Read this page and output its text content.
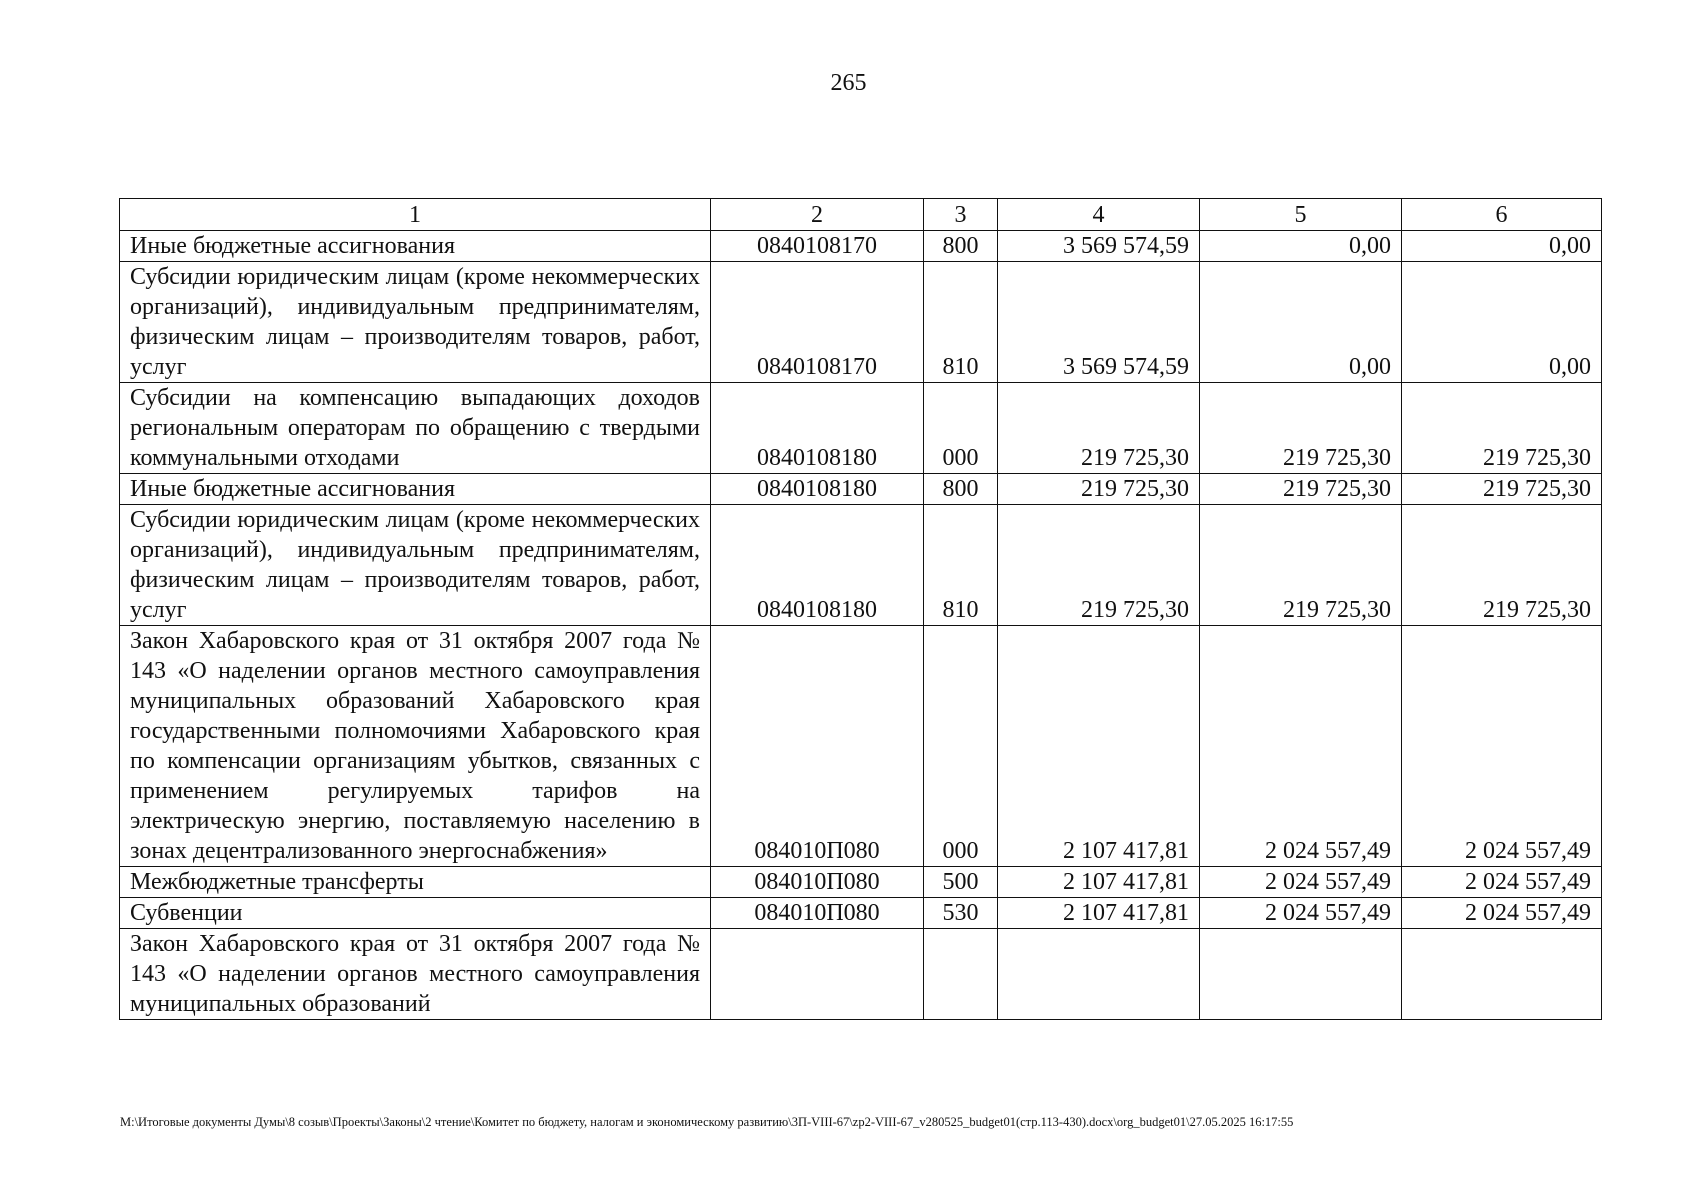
265
1	2	3	4	5	6
Иные бюджетные ассигнования	0840108170	800	3 569 574,59	0,00	0,00
Субсидии юридическим лицам (кроме некоммерческих организаций), индивидуальным предпринимателям, физическим лицам – производителям товаров, работ, услуг	0840108170	810	3 569 574,59	0,00	0,00
Субсидии на компенсацию выпадающих доходов региональным операторам по обращению с твердыми коммунальными отходами	0840108180	000	219 725,30	219 725,30	219 725,30
Иные бюджетные ассигнования	0840108180	800	219 725,30	219 725,30	219 725,30
Субсидии юридическим лицам (кроме некоммерческих организаций), индивидуальным предпринимателям, физическим лицам – производителям товаров, работ, услуг	0840108180	810	219 725,30	219 725,30	219 725,30
Закон Хабаровского края от 31 октября 2007 года № 143 «О наделении органов местного самоуправления муниципальных образований Хабаровского края государственными полномочиями Хабаровского края по компенсации организациям убытков, связанных с применением регулируемых тарифов на электрическую энергию, поставляемую населению в зонах децентрализованного энергоснабжения»	084010П080	000	2 107 417,81	2 024 557,49	2 024 557,49
Межбюджетные трансферты	084010П080	500	2 107 417,81	2 024 557,49	2 024 557,49
Субвенции	084010П080	530	2 107 417,81	2 024 557,49	2 024 557,49
Закон Хабаровского края от 31 октября 2007 года № 143 «О наделении органов местного самоуправления муниципальных образований					
M:\Итоговые документы Думы\8 созыв\Проекты\Законы\2 чтение\Комитет по бюджету, налогам и экономическому развитию\3П-VIII-67\zp2-VIII-67_v280525_budget01(стр.113-430).docx\org_budget01\27.05.2025 16:17:55
